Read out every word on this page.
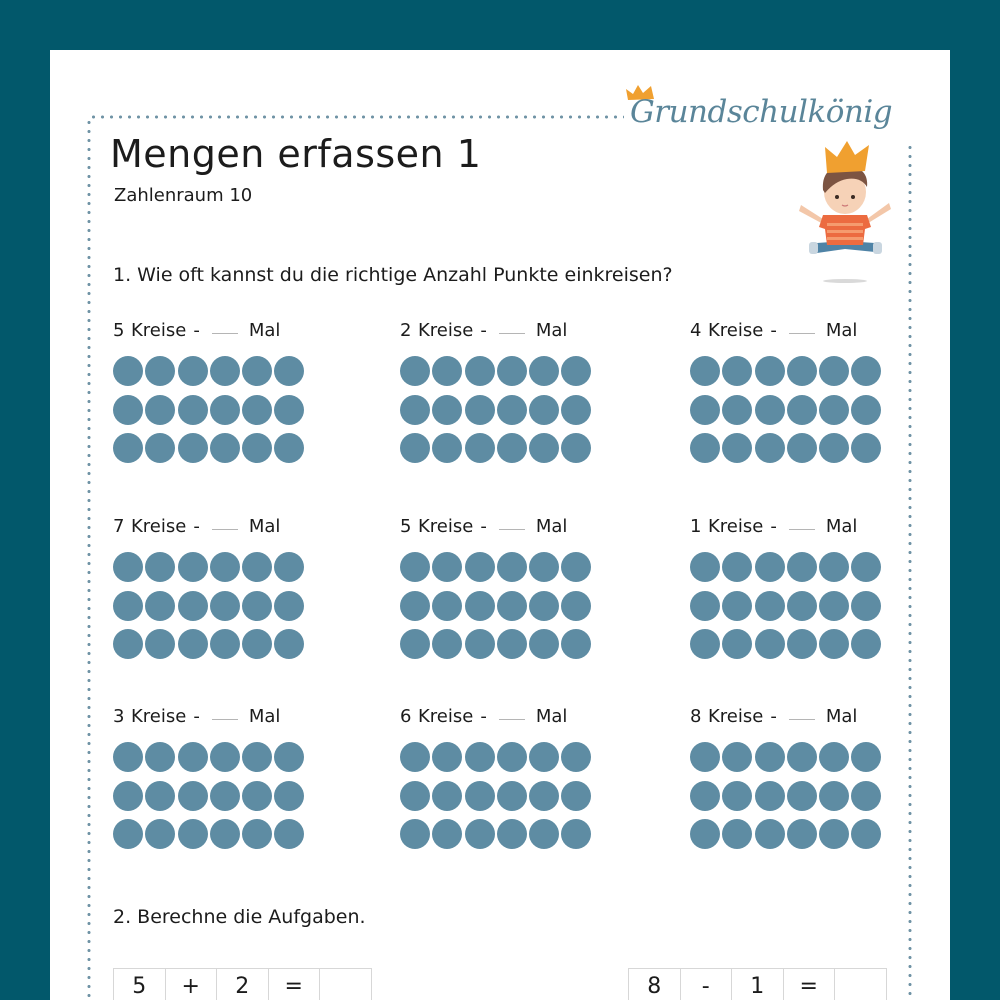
Grundschulkönig
Mengen erfassen 1
Zahlenraum 10
1. Wie oft kannst du die richtige Anzahl Punkte einkreisen?
5 Kreise -	Mal	2 Kreise -	Mal	4 Kreise -	Mal
7 Kreise -	Mal	5 Kreise -	Mal	1 Kreise -	Mal
3 Kreise -	Mal	6 Kreise -	Mal	8 Kreise -	Mal
2. Berechne die Aufgaben.
5	+	2	=	8	-	1	=
